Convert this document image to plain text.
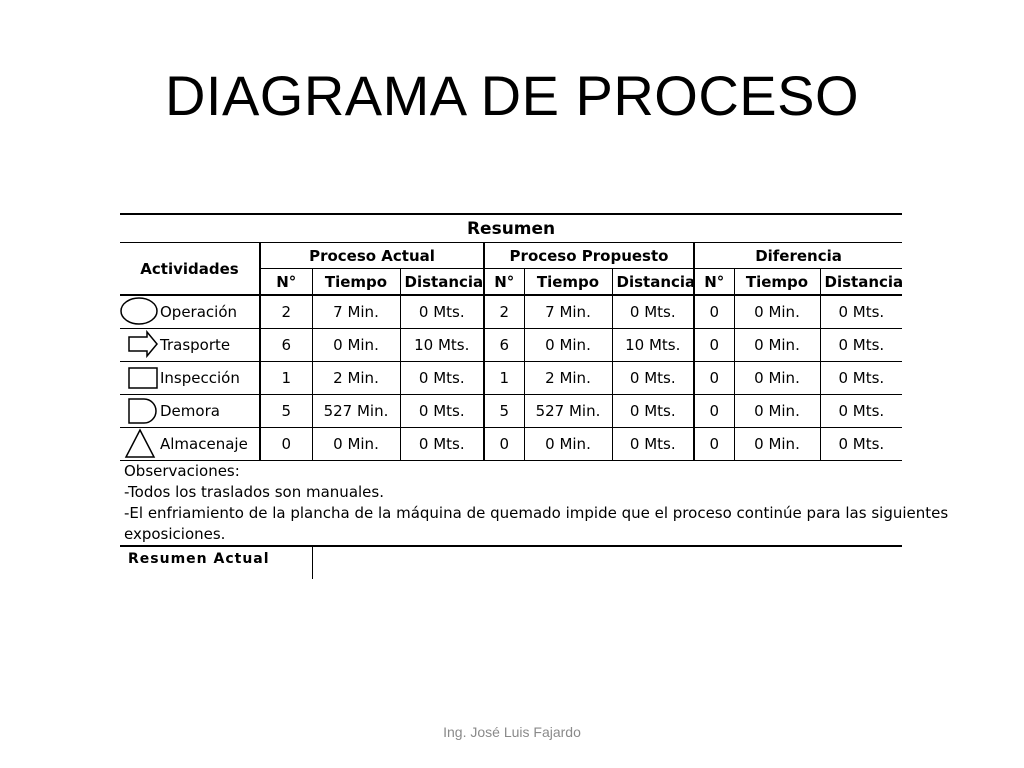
DIAGRAMA DE PROCESO
Resumen									
Actividades	Proceso Actual			Proceso Propuesto			Diferencia		
	N°	Tiempo	Distancia	N°	Tiempo	Distancia	N°	Tiempo	Distancia

Operación	2	7 Min.	0 Mts.	2	7 Min.	0 Mts.	0	0 Min.	0 Mts.

Trasporte	6	0 Min.	10 Mts.	6	0 Min.	10 Mts.	0	0 Min.	0 Mts.

Inspección	1	2 Min.	0 Mts.	1	2 Min.	0 Mts.	0	0 Min.	0 Mts.

Demora	5	527 Min.	0 Mts.	5	527 Min.	0 Mts.	0	0 Min.	0 Mts.

Almacenaje	0	0 Min.	0 Mts.	0	0 Min.	0 Mts.	0	0 Min.	0 Mts.

Observaciones:
-Todos los traslados son manuales.
-El enfriamiento de la plancha de la máquina de quemado impide que el proceso continúe para las siguientes
exposiciones.									

Resumen Actual									

Ing. José Luis Fajardo
